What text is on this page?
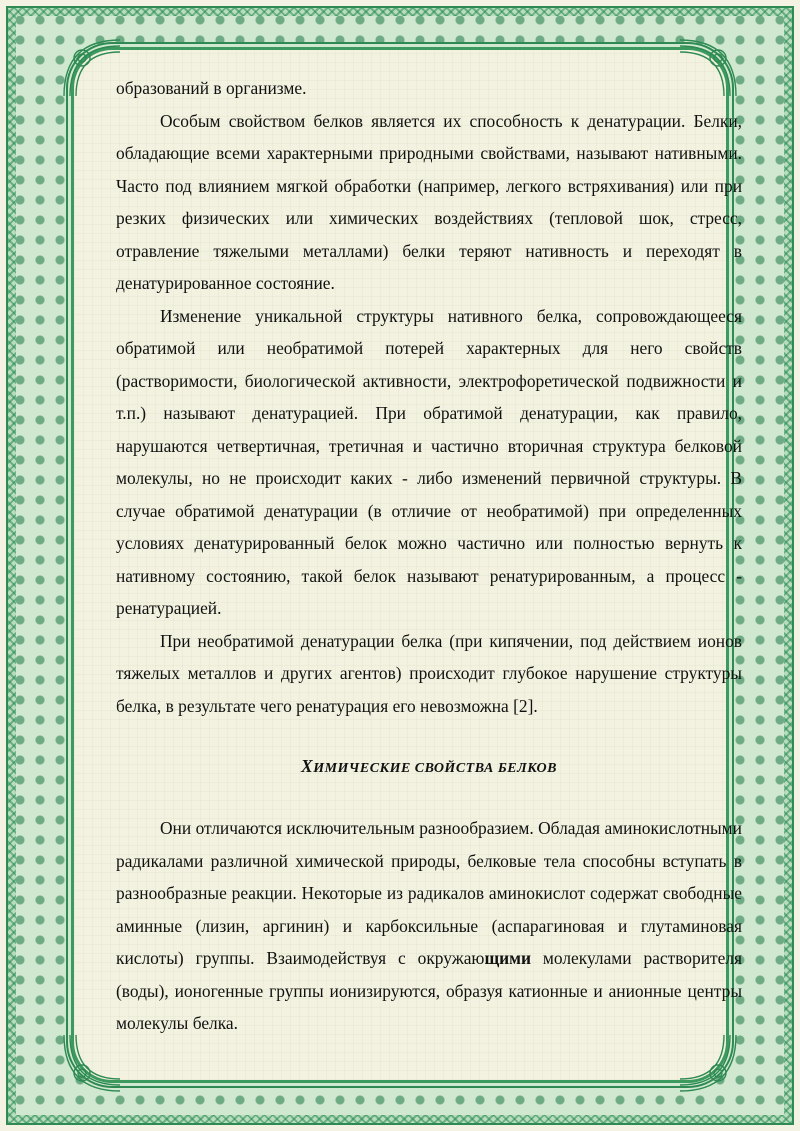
образований в организме.

Особым свойством белков является их способность к денатурации. Белки, обладающие всеми характерными природными свойствами, называют нативными. Часто под влиянием мягкой обработки (например, легкого встряхивания) или при резких физических или химических воздействиях (тепловой шок, стресс, отравление тяжелыми металлами) белки теряют нативность и переходят в денатурированное состояние.

Изменение уникальной структуры нативного белка, сопровождающееся обратимой или необратимой потерей характерных для него свойств (растворимости, биологической активности, электрофоретической подвижности и т.п.) называют денатурацией. При обратимой денатурации, как правило, нарушаются четвертичная, третичная и частично вторичная структура белковой молекулы, но не происходит каких - либо изменений первичной структуры. В случае обратимой денатурации (в отличие от необратимой) при определенных условиях денатурированный белок можно частично или полностью вернуть к нативному состоянию, такой белок называют ренатурированным, а процесс - ренатурацией.

При необратимой денатурации белка (при кипячении, под действием ионов тяжелых металлов и других агентов) происходит глубокое нарушение структуры белка, в результате чего ренатурация его невозможна [2].

ХИМИЧЕСКИЕ СВОЙСТВА БЕЛКОВ

Они отличаются исключительным разнообразием. Обладая аминокислотными радикалами различной химической природы, белковые тела способны вступать в разнообразные реакции. Некоторые из радикалов аминокислот содержат свободные аминные (лизин, аргинин) и карбоксильные (аспарагиновая и глутаминовая кислоты) группы. Взаимодействуя с окружающими молекулами растворителя (воды), ионогенные группы ионизируются, образуя катионные и анионные центры молекулы белка.
